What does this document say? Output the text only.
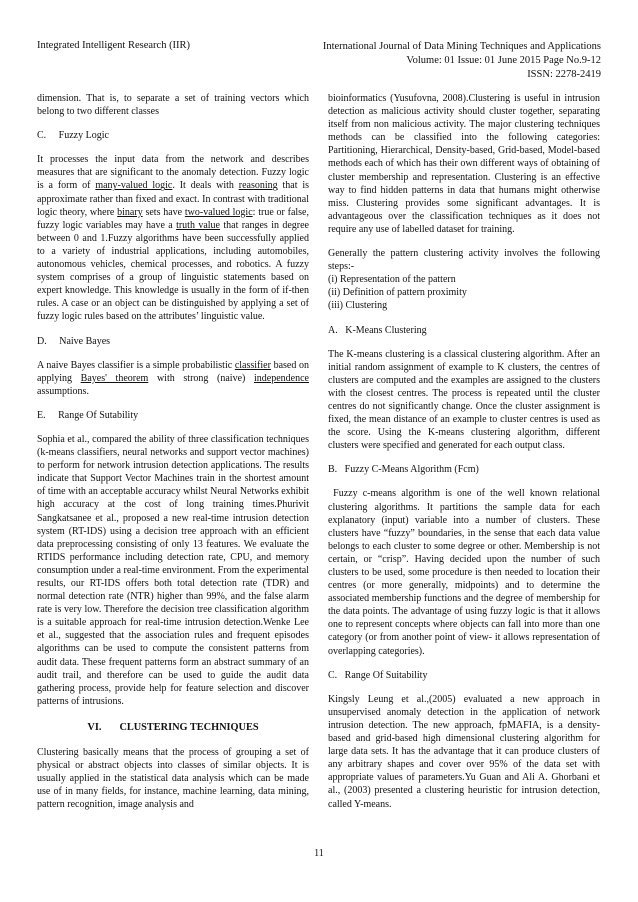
Integrated Intelligent Research (IIR)	International Journal of Data Mining Techniques and Applications
Volume: 01 Issue: 01 June 2015 Page No.9-12
ISSN: 2278-2419

dimension. That is, to separate a set of training vectors which belong to two different classes

C.     Fuzzy Logic

It processes the input data from the network and describes measures that are significant to the anomaly detection. Fuzzy logic is a form of many-valued logic. It deals with reasoning that is approximate rather than fixed and exact. In contrast with traditional logic theory, where binary sets have two-valued logic: true or false, fuzzy logic variables may have a truth value that ranges in degree between 0 and 1.Fuzzy algorithms have been successfully applied to a variety of industrial applications, including automobiles, autonomous vehicles, chemical processes, and robotics. A fuzzy system comprises of a group of linguistic statements based on expert knowledge. This knowledge is usually in the form of if-then rules. A case or an object can be distinguished by applying a set of fuzzy logic rules based on the attributes’ linguistic value.

D.     Naive Bayes

A naive Bayes classifier is a simple probabilistic classifier based on applying Bayes' theorem with strong (naive) independence assumptions.

E.     Range Of Sutability

Sophia et al., compared the ability of three classification techniques (k-means classifiers, neural networks and support vector machines) to perform for network intrusion detection applications. The results indicate that Support Vector Machines train in the shortest amount of time with an acceptable accuracy whilst Neural Networks exhibit high accuracy at the cost of long training times.Phurivit Sangkatsanee et al., proposed a new real-time intrusion detection system (RT-IDS) using a decision tree approach with an efficient data preprocessing consisting of only 13 features. We evaluate the RTIDS performance including detection rate, CPU, and memory consumption under a real-time environment. From the experimental results, our RT-IDS offers both total detection rate (TDR) and normal detection rate (NTR) higher than 99%, and the false alarm rate is very low. Therefore the decision tree classification algorithm is a suitable approach for real-time intrusion detection.Wenke Lee et al., suggested that the association rules and frequent episodes algorithms can be used to compute the consistent patterns from audit data. These frequent patterns form an abstract summary of an audit trail, and therefore can be used to guide the audit data gathering process, provide help for feature selection and discover patterns of intrusions.

VI.       CLUSTERING TECHNIQUES

Clustering basically means that the process of grouping a set of physical or abstract objects into classes of similar objects. It is usually applied in the statistical data analysis which can be made use of in many fields, for instance, machine learning, data mining, pattern recognition, image analysis and

bioinformatics (Yusufovna, 2008).Clustering is useful in intrusion detection as malicious activity should cluster together, separating itself from non malicious activity. The major clustering techniques methods can be classified into the following categories: Partitioning, Hierarchical, Density-based, Grid-based, Model-based methods each of which has their own different ways of obtaining of cluster membership and representation. Clustering is an effective way to find hidden patterns in data that humans might otherwise miss. Clustering provides some significant advantages. It is advantageous over the classification techniques as it does not require any use of labelled dataset for training.

Generally the pattern clustering activity involves the following steps:-

(i) Representation of the pattern
(ii) Definition of pattern proximity
(iii) Clustering

A.   K-Means Clustering

The K-means clustering is a classical clustering algorithm. After an initial random assignment of example to K clusters, the centres of clusters are computed and the examples are assigned to the clusters with the closest centres. The process is repeated until the cluster centres do not significantly change. Once the cluster assignment is fixed, the mean distance of an example to cluster centres is used as the score. Using the K-means clustering algorithm, different clusters were specified and generated for each output class.

B.   Fuzzy C-Means Algorithm (Fcm)

Fuzzy c-means algorithm is one of the well known relational clustering algorithms. It partitions the sample data for each explanatory (input) variable into a number of clusters. These clusters have “fuzzy” boundaries, in the sense that each data value belongs to each cluster to some degree or other. Membership is not certain, or “crisp”. Having decided upon the number of such clusters to be used, some procedure is then needed to location their centres (or more generally, midpoints) and to determine the associated membership functions and the degree of membership for the data points. The advantage of using fuzzy logic is that it allows one to represent concepts where objects can fall into more than one category (or from another point of view- it allows representation of overlapping categories).

C.   Range Of Suitability

Kingsly Leung et al.,(2005) evaluated a new approach in unsupervised anomaly detection in the application of network intrusion detection. The new approach, fpMAFIA, is a density-based and grid-based high dimensional clustering algorithm for large data sets. It has the advantage that it can produce clusters of any arbitrary shapes and cover over 95% of the data set with appropriate values of parameters.Yu Guan and Ali A. Ghorbani et al., (2003) presented a clustering heuristic for intrusion detection, called Y-means.

11
